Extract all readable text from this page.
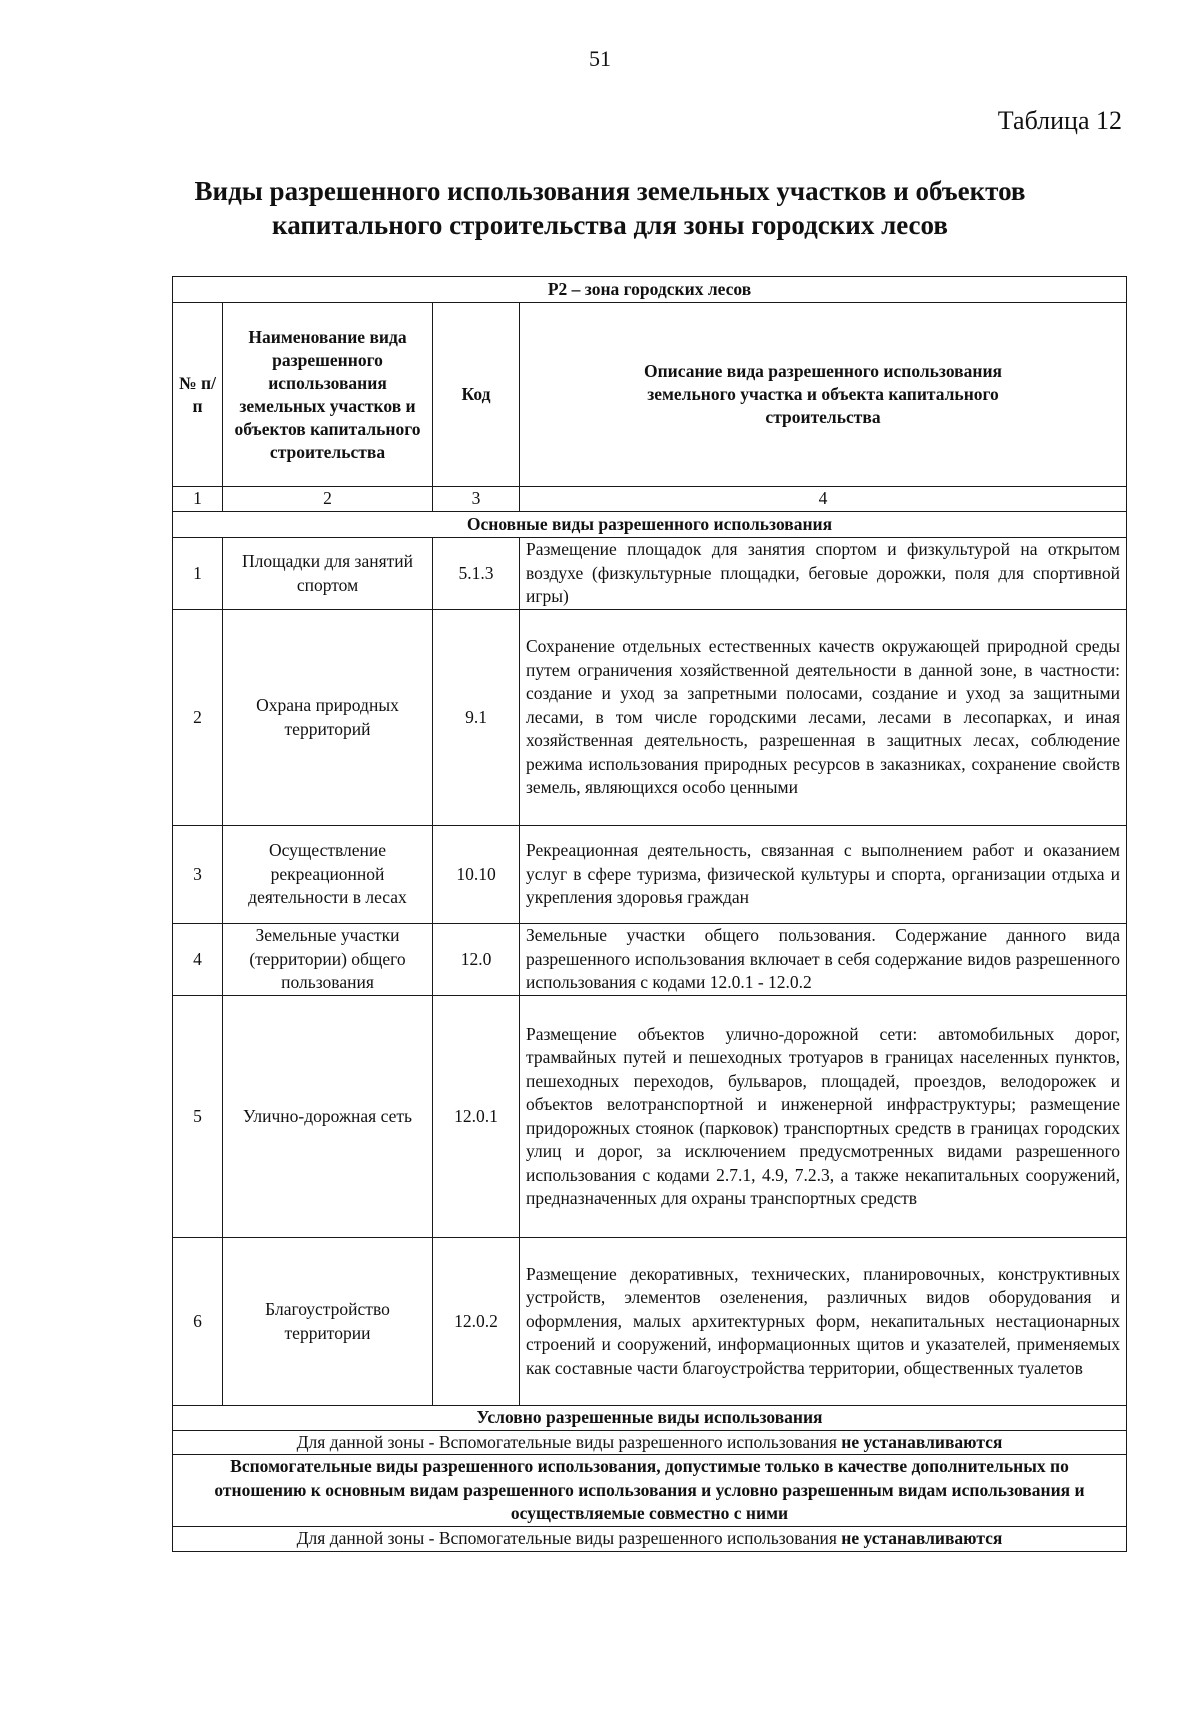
51
Таблица 12
Виды разрешенного использования земельных участков и объектов
капитального строительства для зоны городских лесов
Р2 – зона городских лесов			
№ п/п	Наименование вида разрешенного использования земельных участков и объектов капитального строительства	Код	Описание вида разрешенного использования земельного участка и объекта капитального строительства
1	2	3	4
Основные виды разрешенного использования			
1	Площадки для занятий спортом	5.1.3	Размещение площадок для занятия спортом и физкультурой на открытом воздухе (физкультурные площадки, беговые дорожки, поля для спортивной игры)
2	Охрана природных территорий	9.1	Сохранение отдельных естественных качеств окружающей природной среды путем ограничения хозяйственной деятельности в данной зоне, в частности: создание и уход за запретными полосами, создание и уход за защитными лесами, в том числе городскими лесами, лесами в лесопарках, и иная хозяйственная деятельность, разрешенная в защитных лесах, соблюдение режима использования природных ресурсов в заказниках, сохранение свойств земель, являющихся особо ценными
3	Осуществление рекреационной деятельности в лесах	10.10	Рекреационная деятельность, связанная с выполнением работ и оказанием услуг в сфере туризма, физической культуры и спорта, организации отдыха и укрепления здоровья граждан
4	Земельные участки (территории) общего пользования	12.0	Земельные участки общего пользования. Содержание данного вида разрешенного использования включает в себя содержание видов разрешенного использования с кодами 12.0.1 - 12.0.2
5	Улично-дорожная сеть	12.0.1	Размещение объектов улично-дорожной сети: автомобильных дорог, трамвайных путей и пешеходных тротуаров в границах населенных пунктов, пешеходных переходов, бульваров, площадей, проездов, велодорожек и объектов велотранспортной и инженерной инфраструктуры; размещение придорожных стоянок (парковок) транспортных средств в границах городских улиц и дорог, за исключением предусмотренных видами разрешенного использования с кодами 2.7.1, 4.9, 7.2.3, а также некапитальных сооружений, предназначенных для охраны транспортных средств
6	Благоустройство территории	12.0.2	Размещение декоративных, технических, планировочных, конструктивных устройств, элементов озеленения, различных видов оборудования и оформления, малых архитектурных форм, некапитальных нестационарных строений и сооружений, информационных щитов и указателей, применяемых как составные части благоустройства территории, общественных туалетов
Условно разрешенные виды использования			
Для данной зоны - Вспомогательные виды разрешенного использования не устанавливаются			
Вспомогательные виды разрешенного использования, допустимые только в качестве дополнительных по отношению к основным видам разрешенного использования и условно разрешенным видам использования и осуществляемые совместно с ними			
Для данной зоны - Вспомогательные виды разрешенного использования не устанавливаются			
